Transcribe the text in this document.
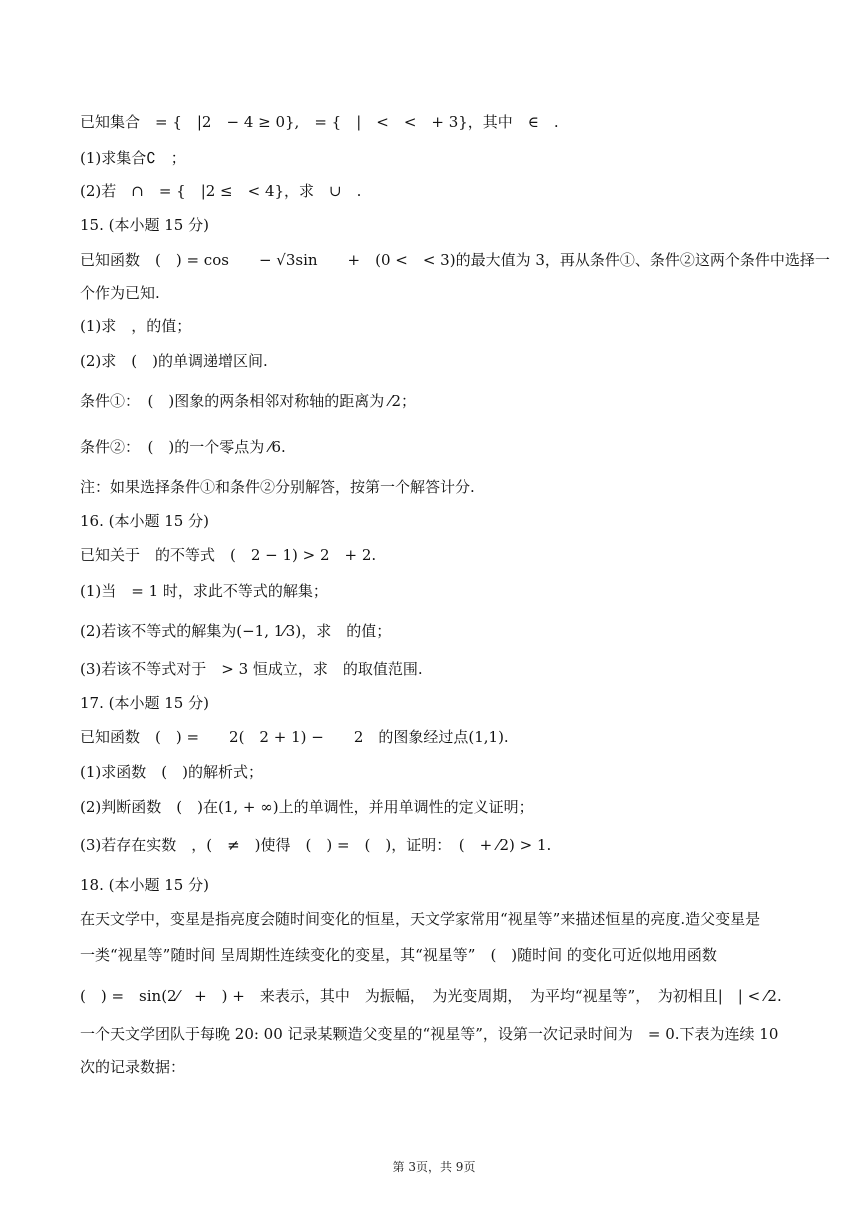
已知集合　= {　|2　− 4 ≥ 0},　= {　|　<　<　+ 3}，其中　∈　.
(1)求集合∁　；
(2)若　∩　= {　|2 ≤　< 4}，求　∪　.
15. (本小题 15 分)
已知函数　(　) = cos　　− √3sin　　+　(0 <　< 3)的最大值为 3，再从条件①、条件②这两个条件中选择一
个作为已知.
(1)求　，的值；
(2)求　(　)的单调递增区间.
条件①：　(　)图象的两条相邻对称轴的距离为 ⁄2；
条件②：　(　)的一个零点为 ⁄6.
注：如果选择条件①和条件②分别解答，按第一个解答计分.
16. (本小题 15 分)
已知关于　的不等式　(　2 − 1) > 2　+ 2.
(1)当　= 1 时，求此不等式的解集；
(2)若该不等式的解集为(−1, 1⁄3)，求　的值；
(3)若该不等式对于　> 3 恒成立，求　的取值范围.
17. (本小题 15 分)
已知函数　(　) =　　2(　2 + 1) −　　2　的图象经过点(1,1).
(1)求函数　(　)的解析式；
(2)判断函数　(　)在(1, + ∞)上的单调性，并用单调性的定义证明；
(3)若存在实数　，(　≠　)使得　(　) =　(　)，证明：　(　+ ⁄2) > 1.
18. (本小题 15 分)
在天文学中，变星是指亮度会随时间变化的恒星，天文学家常用“视星等”来描述恒星的亮度.造父变星是
一类“视星等”随时间 呈周期性连续变化的变星，其“视星等”　(　)随时间 的变化可近似地用函数
(　) =　sin(2⁄　+　) +　来表示，其中　为振幅，　为光变周期，　为平均“视星等”，　为初相且|　| < ⁄2.
一个天文学团队于每晚 20: 00 记录某颗造父变星的“视星等”，设第一次记录时间为　= 0.下表为连续 10
次的记录数据：
第 3页，共 9页
